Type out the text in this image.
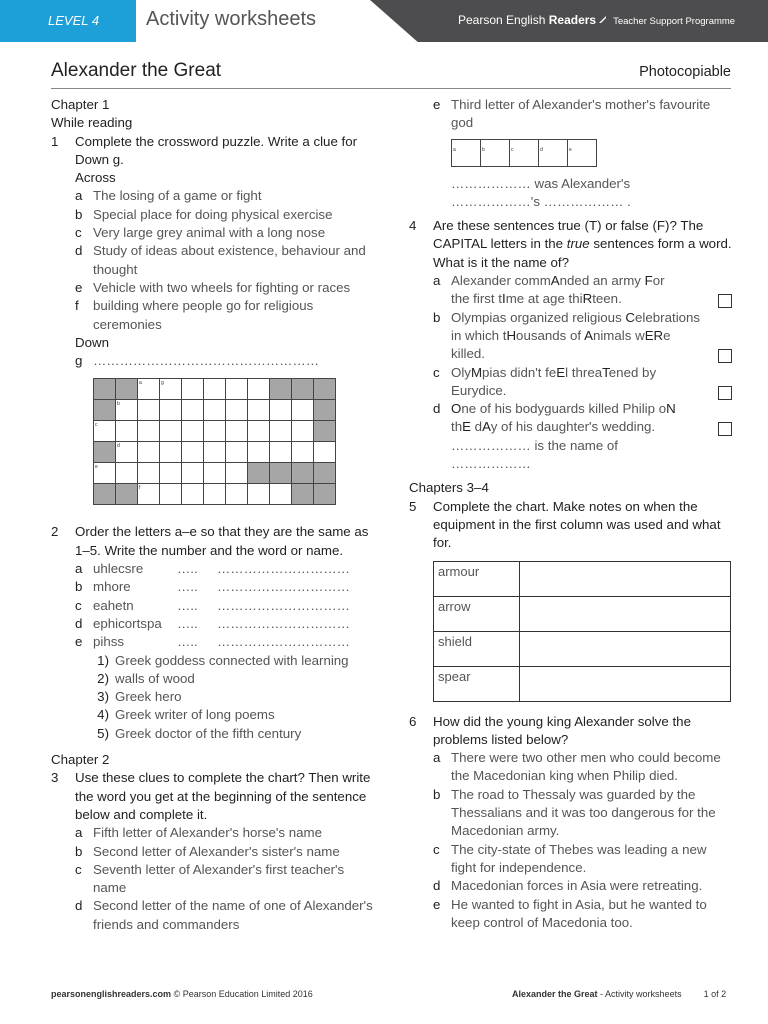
LEVEL 4	Activity worksheets	Pearson English Readers Teacher Support Programme
Alexander the Great	Photocopiable
Chapter 1
While reading
1 Complete the crossword puzzle. Write a clue for Down g.
Across
a The losing of a game or fight
b Special place for doing physical exercise
c Very large grey animal with a long nose
d Study of ideas about existence, behaviour and thought
e Vehicle with two wheels for fighting or races
f building where people go for religious ceremonies
Down
g ……………………………………………
a	g
b
c
d
e
f
2 Order the letters a–e so that they are the same as 1–5. Write the number and the word or name.
a uhlecsre	…..	…………………………
b mhore	…..	…………………………
c eahetn	…..	…………………………
d ephicortspa	…..	…………………………
e pihss	…..	…………………………
1) Greek goddess connected with learning
2) walls of wood
3) Greek hero
4) Greek writer of long poems
5) Greek doctor of the fifth century
Chapter 2
3 Use these clues to complete the chart? Then write the word you get at the beginning of the sentence below and complete it.
a Fifth letter of Alexander's horse's name
b Second letter of Alexander's sister's name
c Seventh letter of Alexander's first teacher's name
d Second letter of the name of one of Alexander's friends and commanders
e Third letter of Alexander's mother's favourite god
a	b	c	d	e
……………… was Alexander's
………………'s ……………… .
4 Are these sentences true (T) or false (F)? The CAPITAL letters in the true sentences form a word. What is it the name of?
a Alexander commAnded an army For
the first tIme at age thiRteen.
b Olympias organized religious Celebrations
in which tHousands of Animals wERe
killed.
c OlyMpias didn't feEl threaTened by
Eurydice.
d One of his bodyguards killed Philip oN
thE dAy of his daughter's wedding.
……………… is the name of
………………
Chapters 3–4
5 Complete the chart. Make notes on when the equipment in the first column was used and what for.
armour	
arrow	
shield	
spear	
6 How did the young king Alexander solve the problems listed below?
a There were two other men who could become the Macedonian king when Philip died.
b The road to Thessaly was guarded by the Thessalians and it was too dangerous for the Macedonian army.
c The city-state of Thebes was leading a new fight for independence.
d Macedonian forces in Asia were retreating.
e He wanted to fight in Asia, but he wanted to keep control of Macedonia too.
pearsonenglishreaders.com © Pearson Education Limited 2016	Alexander the Great - Activity worksheets 1 of 2
